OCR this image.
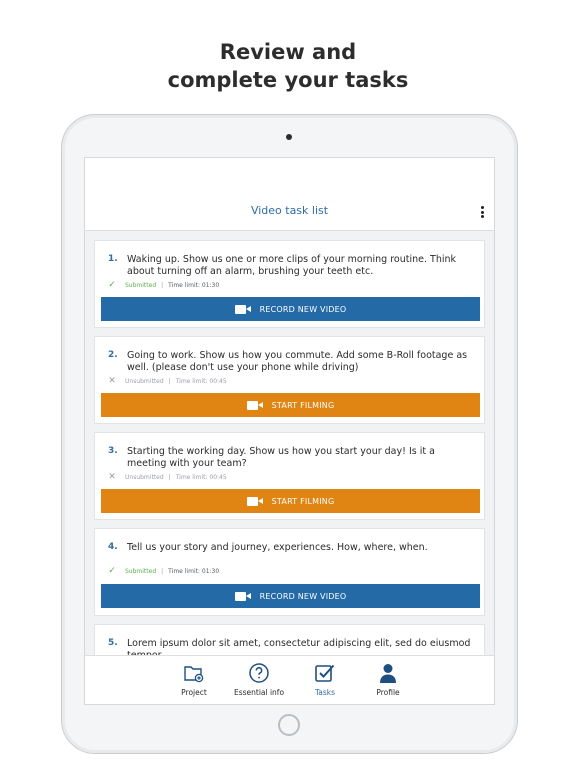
Review and
complete your tasks
Video task list
1. Waking up. Show us one or more clips of your morning routine. Think about turning off an alarm, brushing your teeth etc.
✓ Submitted | Time limit: 01:30
RECORD NEW VIDEO
2. Going to work. Show us how you commute. Add some B-Roll footage as well. (please don't use your phone while driving)
✕ Unsubmitted | Time limit: 00:45
START FILMING
3. Starting the working day. Show us how you start your day! Is it a meeting with your team?
✕ Unsubmitted | Time limit: 00:45
START FILMING
4. Tell us your story and journey, experiences. How, where, when.
✓ Submitted | Time limit: 01:30
RECORD NEW VIDEO
5. Lorem ipsum dolor sit amet, consectetur adipiscing elit, sed do eiusmod
Project	Essential info	Tasks	Profile
